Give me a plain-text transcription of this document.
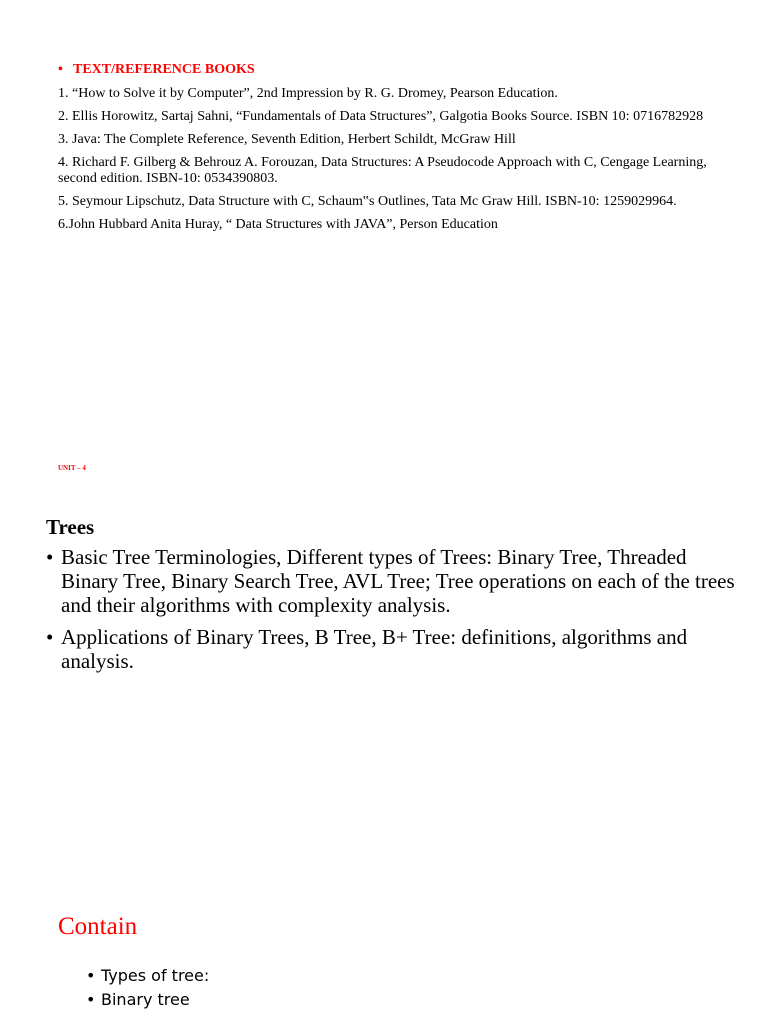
• TEXT/REFERENCE BOOKS

1. “How to Solve it by Computer”, 2nd Impression by R. G. Dromey, Pearson Education.

2. Ellis Horowitz, Sartaj Sahni, “Fundamentals of Data Structures”, Galgotia Books Source. ISBN 10: 0716782928

3. Java: The Complete Reference, Seventh Edition, Herbert Schildt, McGraw Hill

4. Richard F. Gilberg & Behrouz A. Forouzan, Data Structures: A Pseudocode Approach with C, Cengage Learning, second edition. ISBN-10: 0534390803.

5. Seymour Lipschutz, Data Structure with C, Schaum‟s Outlines, Tata Mc Graw Hill. ISBN-10: 1259029964.

6.John Hubbard Anita Huray, “ Data Structures with JAVA”, Person Education

UNIT – 4
Trees
• Basic Tree Terminologies, Different types of Trees: Binary Tree, Threaded Binary Tree, Binary Search Tree, AVL Tree; Tree operations on each of the trees and their algorithms with complexity analysis.
• Applications of Binary Trees, B Tree, B+ Tree: definitions, algorithms and analysis.
Contain
• Types of tree:
• Binary tree
